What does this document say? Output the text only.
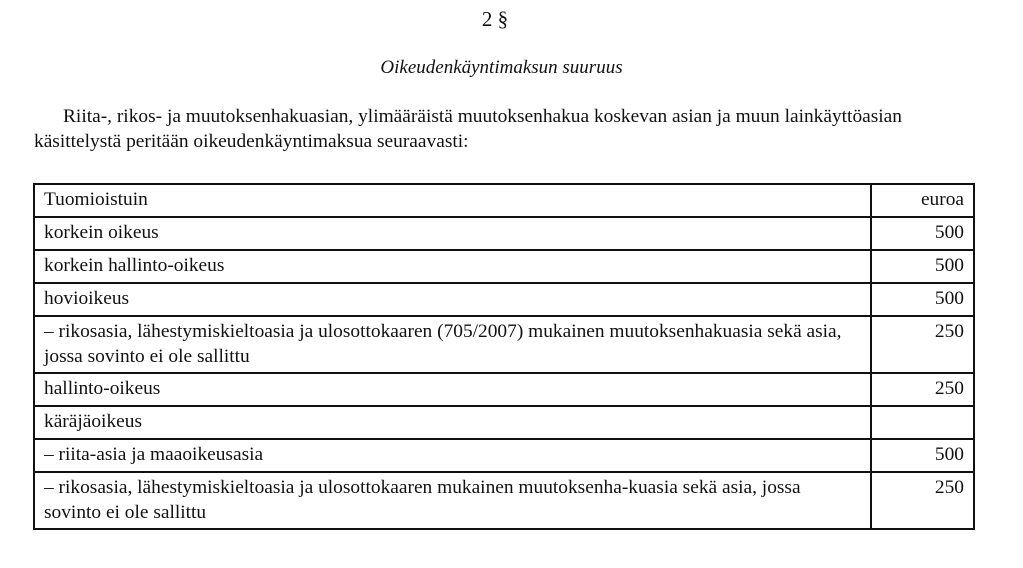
2 §
Oikeudenkäyntimaksun suuruus

Riita-, rikos- ja muutoksenhakuasian, ylimääräistä muutoksenhakua koskevan asian ja muun lainkäyttöasian käsittelystä peritään oikeudenkäyntimaksua seuraavasti:

Tuomioistuin	euroa
korkein oikeus	500
korkein hallinto-oikeus	500
hovioikeus	500
– rikosasia, lähestymiskieltoasia ja ulosottokaaren (705/2007) mukainen muutoksenhakuasia sekä asia, jossa sovinto ei ole sallittu	250
hallinto-oikeus	250
käräjäoikeus	
– riita-asia ja maaoikeusasia	500
– rikosasia, lähestymiskieltoasia ja ulosottokaaren mukainen muutoksenha-kuasia sekä asia, jossa sovinto ei ole sallittu	250
